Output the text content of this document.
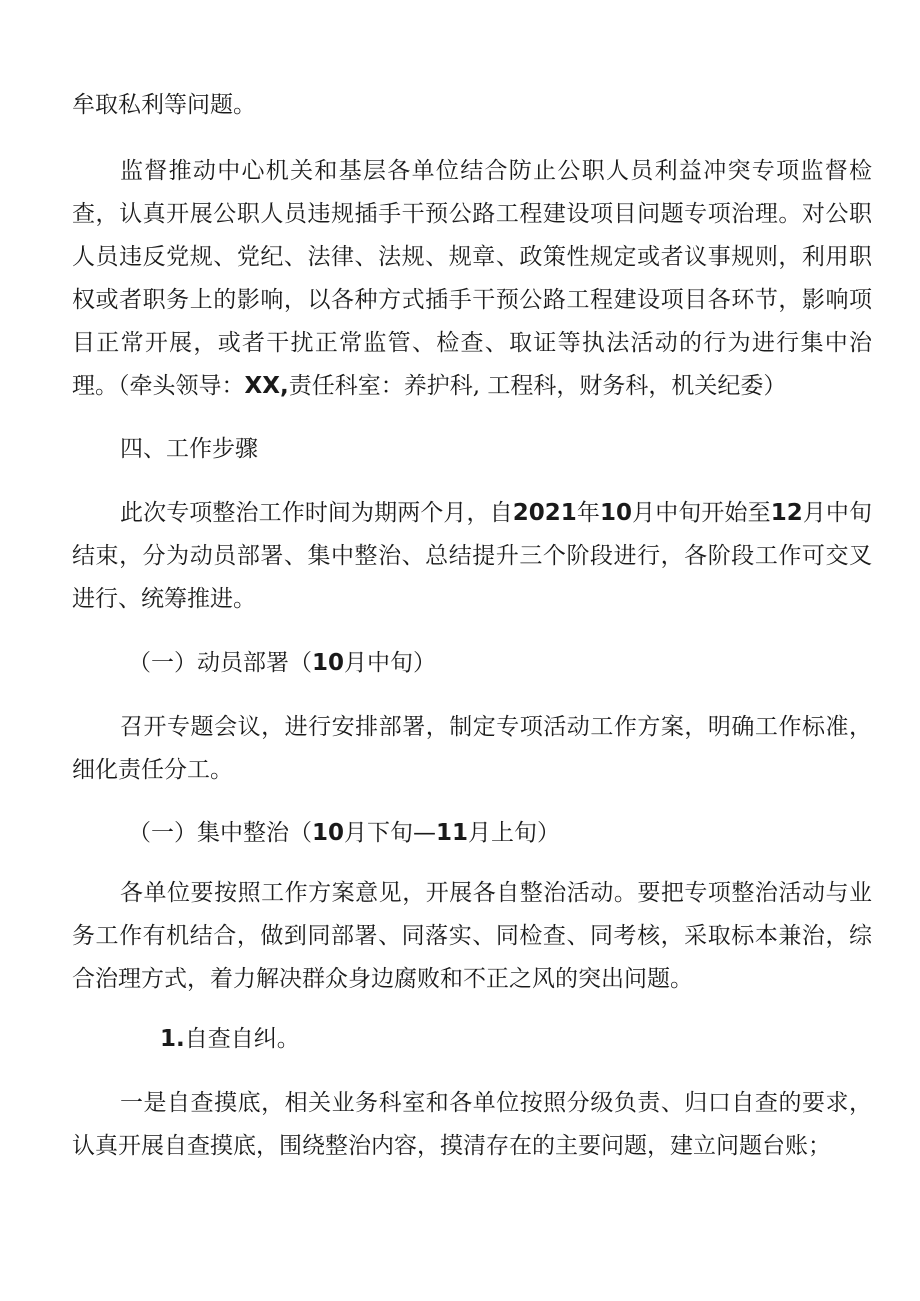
牟取私利等问题。

监督推动中心机关和基层各单位结合防止公职人员利益冲突专项监督检查，认真开展公职人员违规插手干预公路工程建设项目问题专项治理。对公职人员违反党规、党纪、法律、法规、规章、政策性规定或者议事规则，利用职权或者职务上的影响，以各种方式插手干预公路工程建设项目各环节，影响项目正常开展，或者干扰正常监管、检查、取证等执法活动的行为进行集中治理。（牵头领导：XX,责任科室：养护科, 工程科，财务科，机关纪委）

四、工作步骤

此次专项整治工作时间为期两个月，自2021年10月中旬开始至12月中旬结束，分为动员部署、集中整治、总结提升三个阶段进行，各阶段工作可交叉进行、统筹推进。

（一）动员部署（10月中旬）

召开专题会议，进行安排部署，制定专项活动工作方案，明确工作标准，细化责任分工。

（一）集中整治（10月下旬—11月上旬）

各单位要按照工作方案意见，开展各自整治活动。要把专项整治活动与业务工作有机结合，做到同部署、同落实、同检查、同考核，采取标本兼治，综合治理方式，着力解决群众身边腐败和不正之风的突出问题。

1.自查自纠。

一是自查摸底，相关业务科室和各单位按照分级负责、归口自查的要求，认真开展自查摸底，围绕整治内容，摸清存在的主要问题，建立问题台账；
